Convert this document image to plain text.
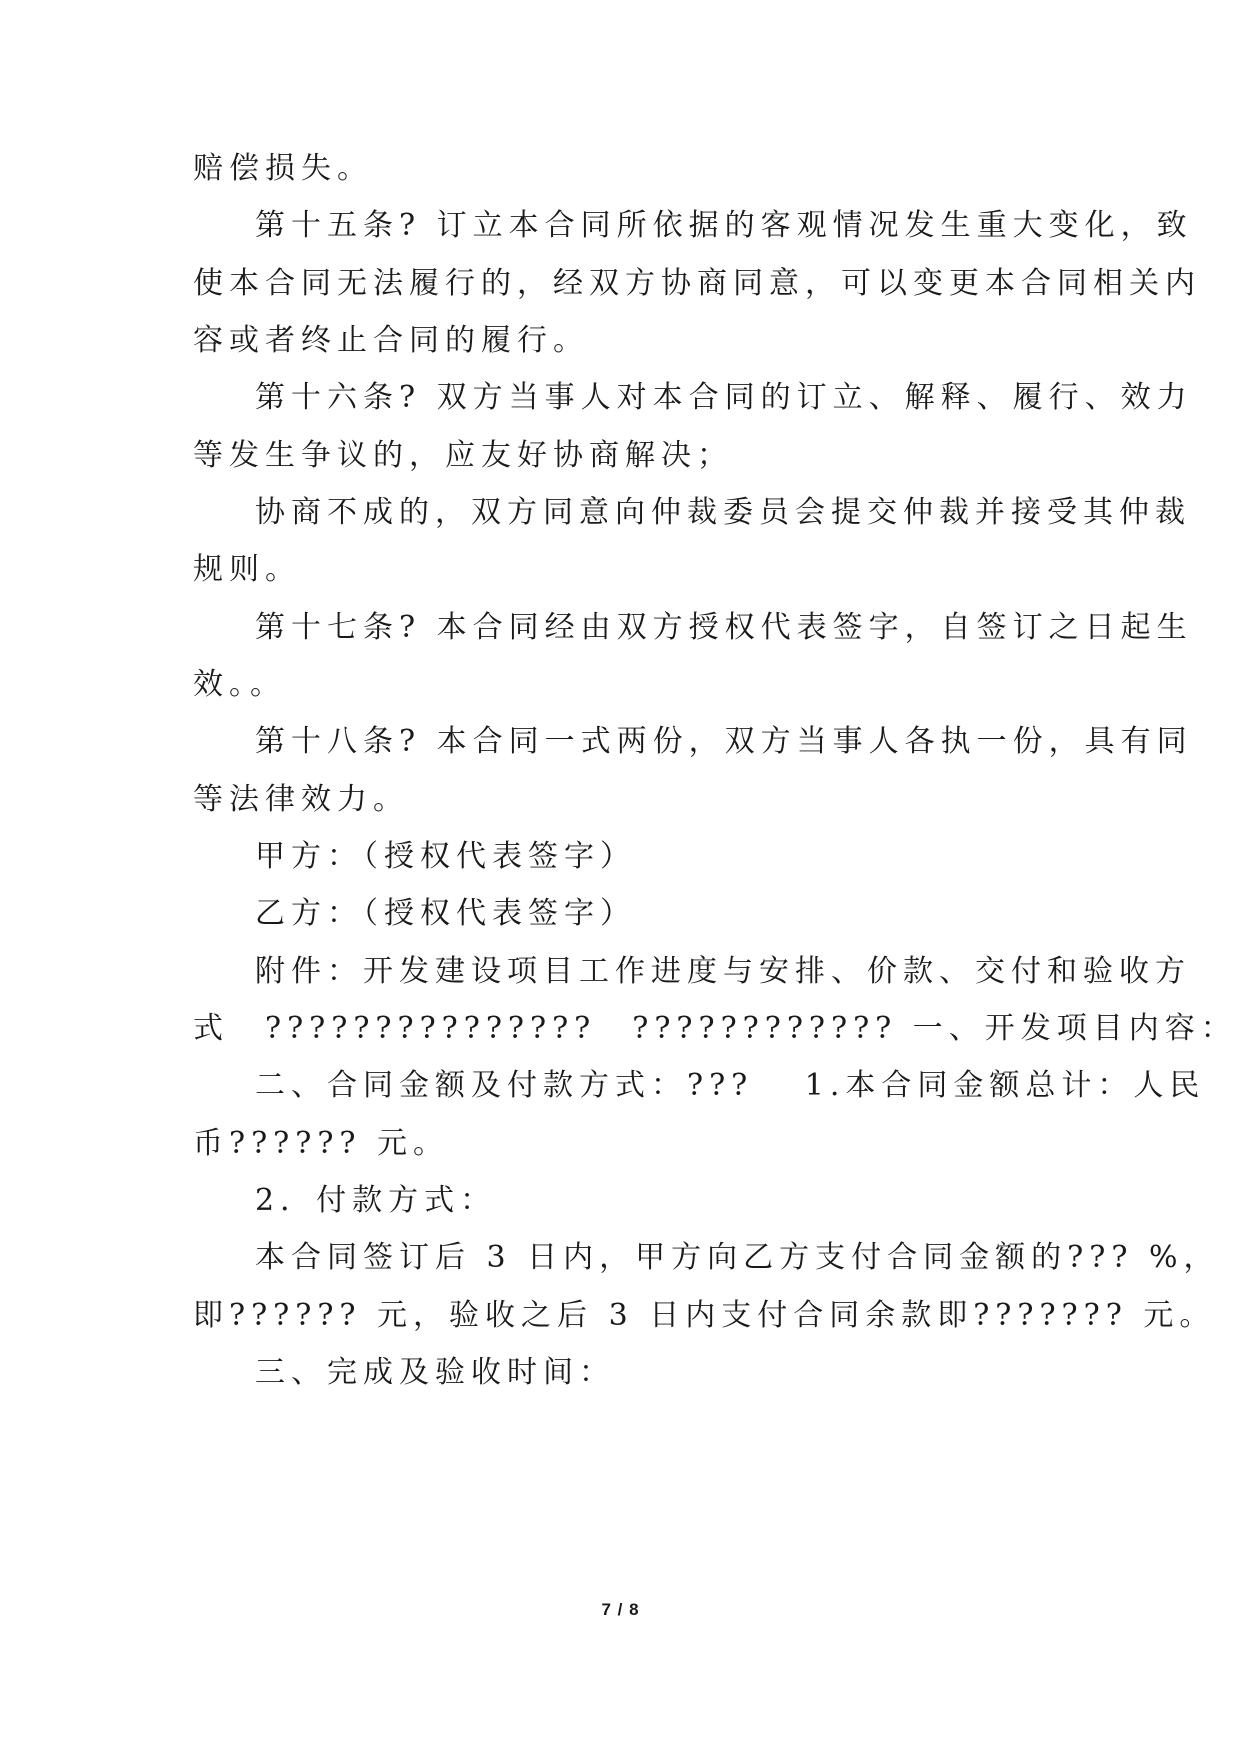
赔偿损失。
第十五条? 订立本合同所依据的客观情况发生重大变化，致
使本合同无法履行的，经双方协商同意，可以变更本合同相关内
容或者终止合同的履行。
第十六条? 双方当事人对本合同的订立、解释、履行、效力
等发生争议的，应友好协商解决；
协商不成的，双方同意向仲裁委员会提交仲裁并接受其仲裁
规则。
第十七条? 本合同经由双方授权代表签字，自签订之日起生
效。。
第十八条? 本合同一式两份，双方当事人各执一份，具有同
等法律效力。
甲方：（授权代表签字）
乙方：（授权代表签字）
附件：开发建设项目工作进度与安排、价款、交付和验收方
式　???????????????　???????????? 一、开发项目内容：
二、合同金额及付款方式：???　 1.本合同金额总计：人民
币?????? 元。
2．付款方式：
本合同签订后 3 日内，甲方向乙方支付合同金额的??? %，
即?????? 元，验收之后 3 日内支付合同余款即??????? 元。
三、完成及验收时间：
7 / 8
